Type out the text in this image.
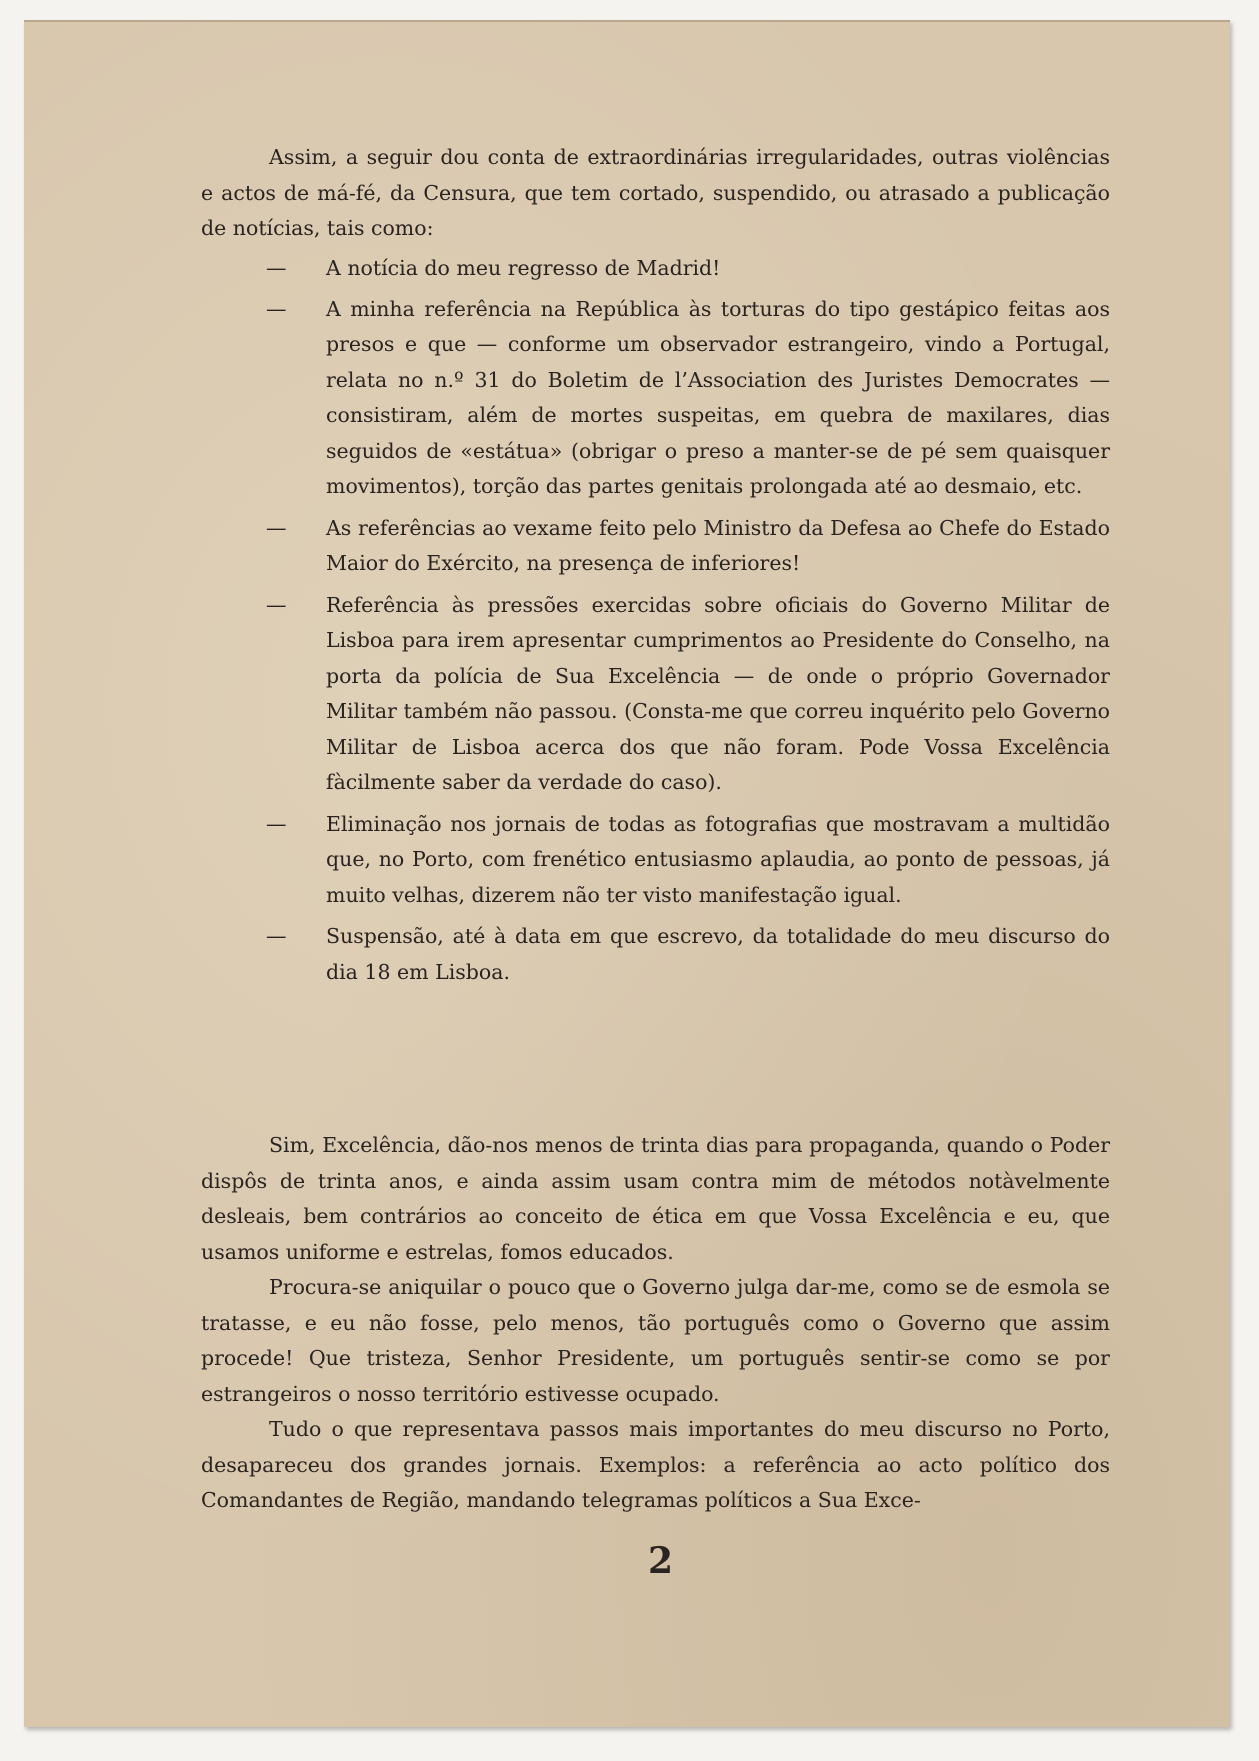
Assim, a seguir dou conta de extraordinárias irregularidades, outras violências e actos de má-fé, da Censura, que tem cortado, suspendido, ou atrasado a publicação de notícias, tais como:

—	A notícia do meu regresso de Madrid!
—	A minha referência na República às torturas do tipo gestápico feitas aos presos e que — conforme um observador estrangeiro, vindo a Portugal, relata no n.º 31 do Boletim de l’Association des Juristes Democrates — consistiram, além de mortes suspeitas, em quebra de maxilares, dias seguidos de «estátua» (obrigar o preso a manter-se de pé sem quaisquer movimentos), torção das partes genitais prolongada até ao desmaio, etc.
—	As referências ao vexame feito pelo Ministro da Defesa ao Chefe do Estado Maior do Exército, na presença de inferiores!
—	Referência às pressões exercidas sobre oficiais do Governo Militar de Lisboa para irem apresentar cumprimentos ao Presidente do Conselho, na porta da polícia de Sua Excelência — de onde o próprio Governador Militar também não passou. (Consta-me que correu inquérito pelo Governo Militar de Lisboa acerca dos que não foram. Pode Vossa Excelência fàcilmente saber da verdade do caso).
—	Eliminação nos jornais de todas as fotografias que mostravam a multidão que, no Porto, com frenético entusiasmo aplaudia, ao ponto de pessoas, já muito velhas, dizerem não ter visto manifestação igual.
—	Suspensão, até à data em que escrevo, da totalidade do meu discurso do dia 18 em Lisboa.

Sim, Excelência, dão-nos menos de trinta dias para propaganda, quando o Poder dispôs de trinta anos, e ainda assim usam contra mim de métodos notàvelmente desleais, bem contrários ao conceito de ética em que Vossa Excelência e eu, que usamos uniforme e estrelas, fomos educados.

Procura-se aniquilar o pouco que o Governo julga dar-me, como se de esmola se tratasse, e eu não fosse, pelo menos, tão português como o Governo que assim procede! Que tristeza, Senhor Presidente, um português sentir-se como se por estrangeiros o nosso território estivesse ocupado.

Tudo o que representava passos mais importantes do meu discurso no Porto, desapareceu dos grandes jornais. Exemplos: a referência ao acto político dos Comandantes de Região, mandando telegramas políticos a Sua Exce-

2
